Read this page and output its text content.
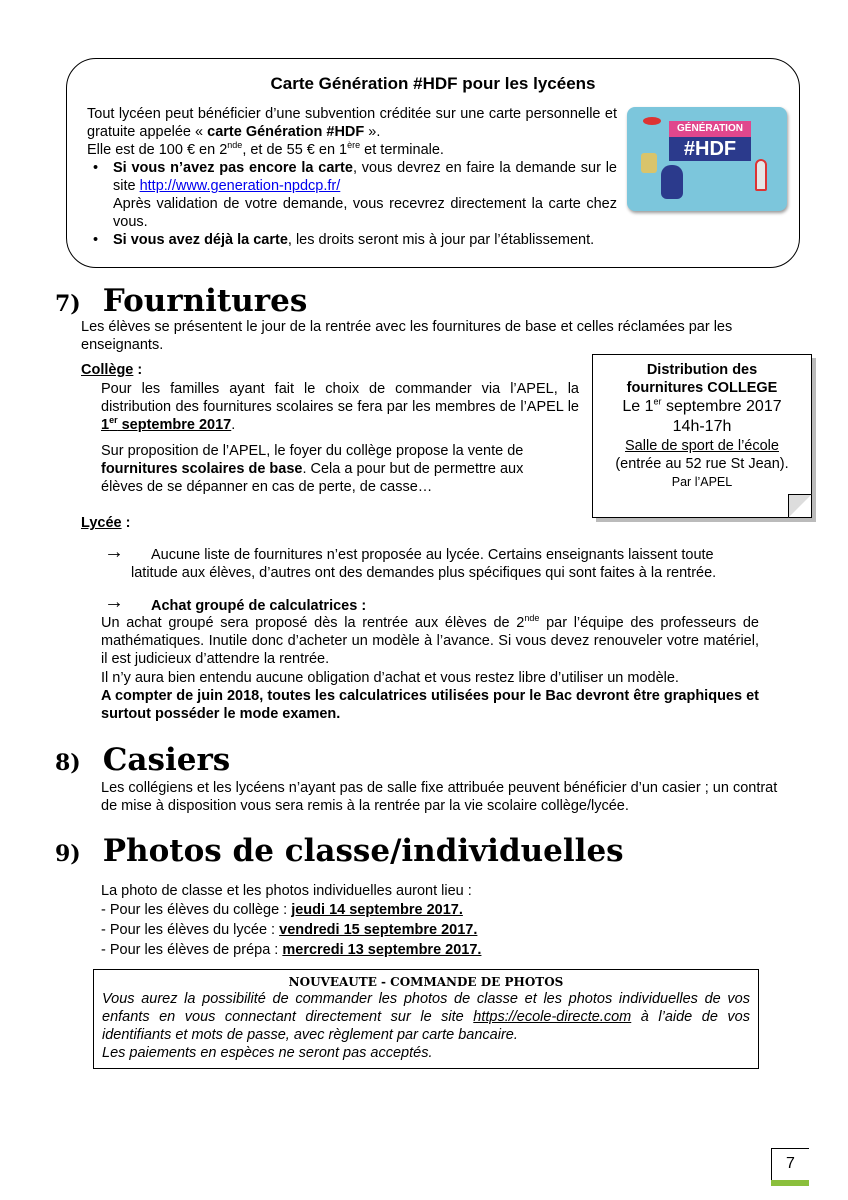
Carte Génération #HDF pour les lycéens

Tout lycéen peut bénéficier d’une subvention créditée sur une carte personnelle et gratuite appelée « carte Génération #HDF ».

Elle est de 100 € en 2nde, et de 55 € en 1ère et terminale.

• Si vous n’avez pas encore la carte, vous devrez en faire la demande sur le site http://www.generation-npdcp.fr/
Après validation de votre demande, vous recevrez directement la carte chez vous.
• Si vous avez déjà la carte, les droits seront mis à jour par l’établissement.
GÉNÉRATION
#HDF
7) Fournitures
Les élèves se présentent le jour de la rentrée avec les fournitures de base et celles réclamées par les enseignants.
Collège :
Pour les familles ayant fait le choix de commander via l’APEL, la distribution des fournitures scolaires se fera par les membres de l’APEL le 1er septembre 2017.
Sur proposition de l’APEL, le foyer du collège propose la vente de fournitures scolaires de base. Cela a pour but de permettre aux élèves de se dépanner en cas de perte, de casse…
Distribution des
fournitures COLLEGE
Le 1er septembre 2017
14h-17h
Salle de sport de l’école
(entrée au 52 rue St Jean).
Par l’APEL
Lycée :
→	Aucune liste de fournitures n’est proposée au lycée. Certains enseignants laissent toute latitude aux élèves, d’autres ont des demandes plus spécifiques qui sont faites à la rentrée.
→ Achat groupé de calculatrices :
Un achat groupé sera proposé dès la rentrée aux élèves de 2nde par l’équipe des professeurs de mathématiques. Inutile donc d’acheter un modèle à l’avance. Si vous devez renouveler votre matériel, il est judicieux d’attendre la rentrée.
Il n’y aura bien entendu aucune obligation d’achat et vous restez libre d’utiliser un modèle.
A compter de juin 2018, toutes les calculatrices utilisées pour le Bac devront être graphiques et surtout posséder le mode examen.
8) Casiers
Les collégiens et les lycéens n’ayant pas de salle fixe attribuée peuvent bénéficier d’un casier ; un contrat de mise à disposition vous sera remis à la rentrée par la vie scolaire collège/lycée.
9) Photos de classe/individuelles
La photo de classe et les photos individuelles auront lieu :
- Pour les élèves du collège : jeudi 14 septembre 2017.
- Pour les élèves du lycée : vendredi 15 septembre 2017.
- Pour les élèves de prépa : mercredi 13 septembre 2017.
NOUVEAUTE - COMMANDE DE PHOTOS
Vous aurez la possibilité de commander les photos de classe et les photos individuelles de vos enfants en vous connectant directement sur le site https://ecole-directe.com à l’aide de vos identifiants et mots de passe, avec règlement par carte bancaire.
Les paiements en espèces ne seront pas acceptés.
7
